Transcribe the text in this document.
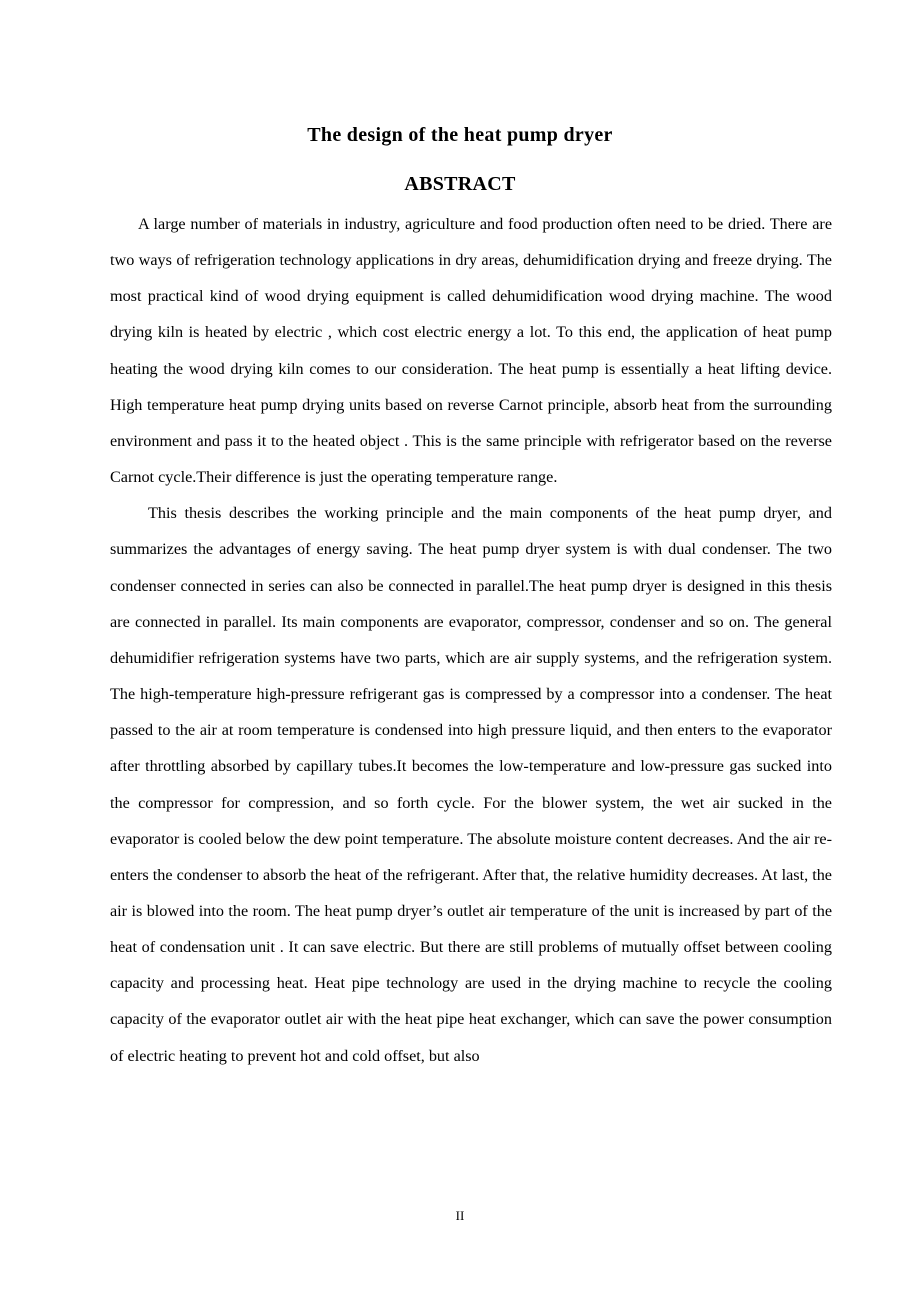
The design of the heat pump dryer
ABSTRACT

A large number of materials in industry, agriculture and food production often need to be dried. There are two ways of refrigeration technology applications in dry areas, dehumidification drying and freeze drying. The most practical kind of wood drying equipment is called dehumidification wood drying machine. The wood drying kiln is heated by electric , which cost electric energy a lot. To this end, the application of heat pump heating the wood drying kiln comes to our consideration. The heat pump is essentially a heat lifting device. High temperature heat pump drying units based on reverse Carnot principle, absorb heat from the surrounding environment and pass it to the heated object . This is the same principle with refrigerator based on the reverse Carnot cycle.Their difference is just the operating temperature range.

This thesis describes the working principle and the main components of the heat pump dryer, and summarizes the advantages of energy saving. The heat pump dryer system is with dual condenser. The two condenser connected in series can also be connected in parallel.The heat pump dryer is designed in this thesis are connected in parallel. Its main components are evaporator, compressor, condenser and so on. The general dehumidifier refrigeration systems have two parts, which are air supply systems, and the refrigeration system. The high-temperature high-pressure refrigerant gas is compressed by a compressor into a condenser. The heat passed to the air at room temperature is condensed into high pressure liquid, and then enters to the evaporator after throttling absorbed by capillary tubes.It becomes the low-temperature and low-pressure gas sucked into the compressor for compression, and so forth cycle. For the blower system, the wet air sucked in the evaporator is cooled below the dew point temperature. The absolute moisture content decreases. And the air re-enters the condenser to absorb the heat of the refrigerant. After that, the relative humidity decreases. At last, the air is blowed into the room. The heat pump dryer’s outlet air temperature of the unit is increased by part of the heat of condensation unit . It can save electric. But there are still problems of mutually offset between cooling capacity and processing heat. Heat pipe technology are used in the drying machine to recycle the cooling capacity of the evaporator outlet air with the heat pipe heat exchanger, which can save the power consumption of electric heating to prevent hot and cold offset, but also

II
